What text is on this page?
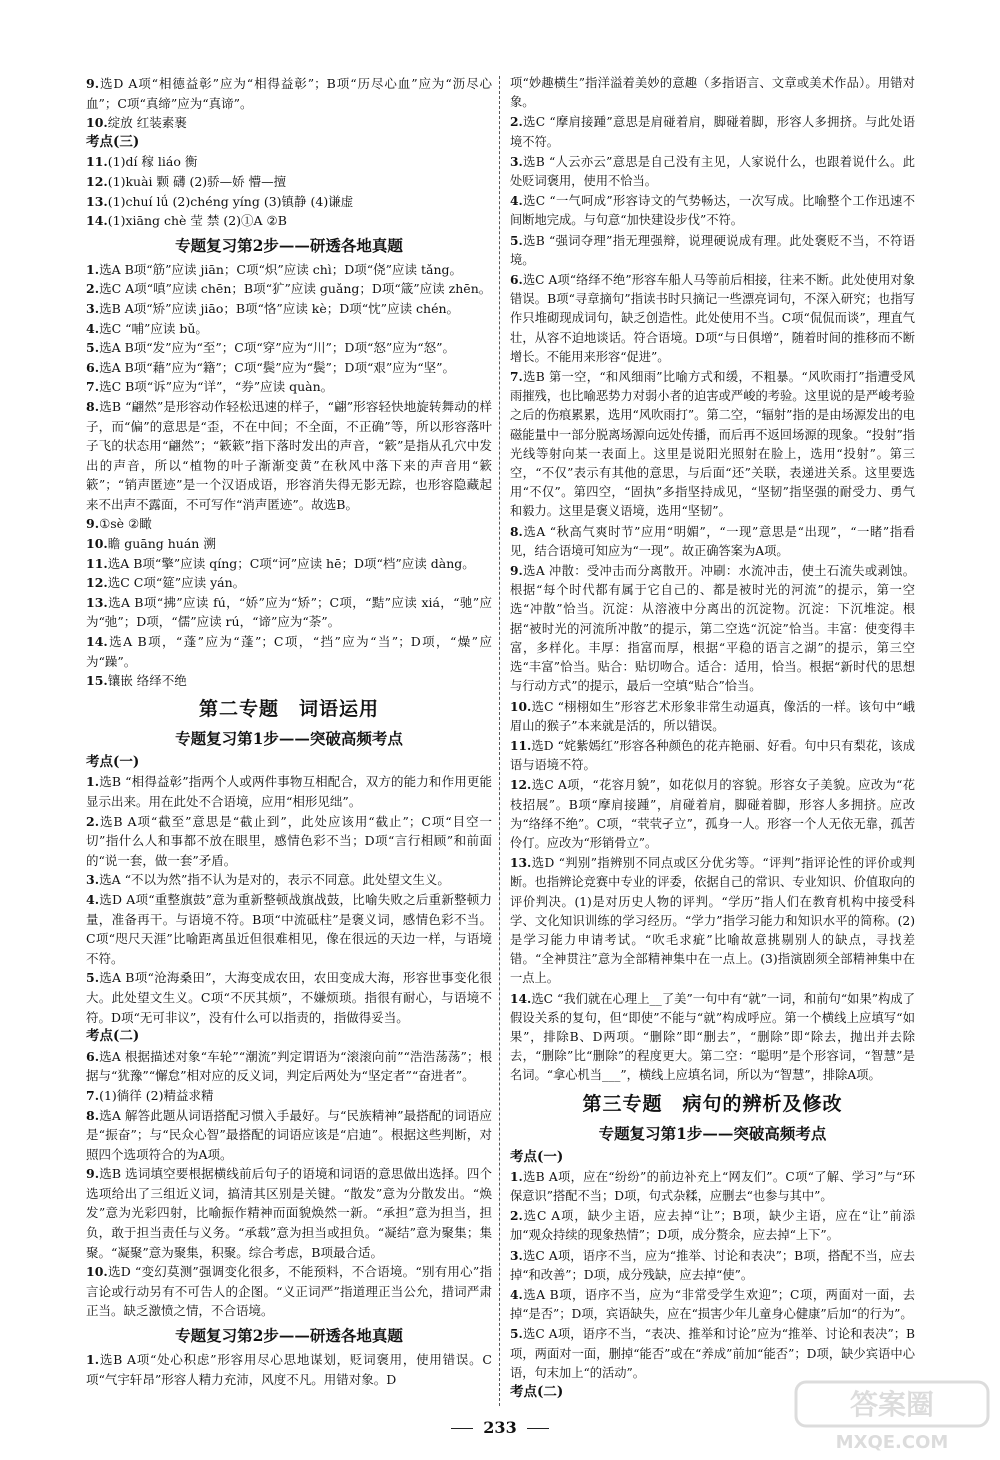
9.选D A项“相德益彰”应为“相得益彰”；B项“历尽心血”应为“沥尽心血”；C项“真缔”应为“真谛”。
10.绽放 红装素裹
考点(三)
11.(1)dí 稼 liáo 衡
12.(1)kuài 颗 礴 (2)骄—娇 懵—擅
13.(1)chuí lǘ (2)chéng yíng (3)镇静 (4)谦虚
14.(1)xiāng chè 莹 禁 (2)①A ②B
专题复习第2步——研透各地真题
1.选A B项“筋”应读 jiān；C项“炽”应读 chì；D项“侥”应读 tǎng。
2.选C A项“嗔”应读 chēn；B项“犷”应读 guǎng；D项“箴”应读 zhēn。
3.选B A项“矫”应读 jiāo；B项“恪”应读 kè；D项“忱”应读 chén。
4.选C “哺”应读 bǔ。
5.选A B项“发”应为“至”；C项“穿”应为“川”；D项“怒”应为“怒”。
6.选A B项“藉”应为“籍”；C项“鬓”应为“鬓”；D项“艰”应为“坚”。
7.选C B项“诉”应为“详”，“券”应读 quàn。
8.选B “翩然”是形容动作轻松迅速的样子，“翩”形容轻快地旋转舞动的样子，而“偏”的意思是“歪，不在中间；不全面，不正确”等，所以形容落叶子飞的状态用“翩然”；“簌簌”指下落时发出的声音，“簌”是指从孔穴中发出的声音，所以“植物的叶子渐渐变黄”在秋风中落下来的声音用“簌簌”；“销声匿迹”是一个汉语成语，形容消失得无影无踪，也形容隐藏起来不出声不露面，不可写作“消声匿迹”。故选B。
9.①sè ②瞰
10.瞻 guāng huán 溯
11.选A B项“擎”应读 qíng；C项“诃”应读 hē；D项“档”应读 dàng。
12.选C C项“筵”应读 yán。
13.选A B项“拂”应读 fú，“娇”应为“矫”；C项，“黠”应读 xiá，“驰”应为“弛”；D项，“儒”应读 rú，“谛”应为“荼”。
14.选A B项，“蓬”应为“蓬”；C项，“挡”应为“当”；D项，“燥”应为“躁”。
15.镶嵌 络绎不绝
第二专题　词语运用
专题复习第1步——突破高频考点
考点(一)
1.选B “相得益彰”指两个人或两件事物互相配合，双方的能力和作用更能显示出来。用在此处不合语境，应用“相形见绌”。
2.选B A项“截至”意思是“截止到”，此处应该用“截止”；C项“目空一切”指什么人和事都不放在眼里，感情色彩不当；D项“言行相顾”和前面的“说一套，做一套”矛盾。
3.选A “不以为然”指不认为是对的，表示不同意。此处望文生义。
4.选D A项“重整旗鼓”意为重新整顿战旗战鼓，比喻失败之后重新整顿力量，准备再干。与语境不符。B项“中流砥柱”是褒义词，感情色彩不当。C项“咫尺天涯”比喻距离虽近但很难相见，像在很远的天边一样，与语境不符。
5.选A B项“沧海桑田”，大海变成农田，农田变成大海，形容世事变化很大。此处望文生义。C项“不厌其烦”，不嫌烦琐。指很有耐心，与语境不符。D项“无可非议”，没有什么可以指责的，指做得妥当。
考点(二)
6.选A 根据描述对象“车轮”“潮流”判定谓语为“滚滚向前”“浩浩荡荡”；根据与“犹豫”“懈怠”相对应的反义词，判定后两处为“坚定者”“奋进者”。
7.(1)徜徉 (2)精益求精
8.选A 解答此题从词语搭配习惯入手最好。与“民族精神”最搭配的词语应是“振奋”；与“民众心智”最搭配的词语应该是“启迪”。根据这些判断，对照四个选项符合的为A项。
9.选B 选词填空要根据横线前后句子的语境和词语的意思做出选择。四个选项给出了三组近义词，搞清其区别是关键。“散发”意为分散发出。“焕发”意为光彩四射，比喻振作精神而面貌焕然一新。“承担”意为担当，担负，敢于担当责任与义务。“承载”意为担当或担负。“凝结”意为聚集；集聚。“凝聚”意为聚集，积聚。综合考虑，B项最合适。
10.选D “变幻莫测”强调变化很多，不能预料，不合语境。“别有用心”指言论或行动另有不可告人的企图。“义正词严”指道理正当公允，措词严肃正当。缺乏激愤之情，不合语境。
专题复习第2步——研透各地真题
1.选B A项“处心积虑”形容用尽心思地谋划，贬词褒用，使用错误。C项“气宇轩昂”形容人精力充沛，风度不凡。用错对象。D
项“妙趣横生”指洋溢着美妙的意趣（多指语言、文章或美术作品）。用错对象。
2.选C “摩肩接踵”意思是肩碰着肩，脚碰着脚，形容人多拥挤。与此处语境不符。
3.选B “人云亦云”意思是自己没有主见，人家说什么，也跟着说什么。此处贬词褒用，使用不恰当。
4.选C “一气呵成”形容诗文的气势畅达，一次写成。比喻整个工作迅速不间断地完成。与句意“加快建设步伐”不符。
5.选B “强词夺理”指无理强辩，说理硬说成有理。此处褒贬不当，不符语境。
6.选C A项“络绎不绝”形容车船人马等前后相接，往来不断。此处使用对象错误。B项“寻章摘句”指读书时只摘记一些漂亮词句，不深入研究；也指写作只堆砌现成词句，缺乏创造性。此处使用不当。C项“侃侃而谈”，理直气壮，从容不迫地谈话。符合语境。D项“与日俱增”，随着时间的推移而不断增长。不能用来形容“促进”。
7.选B 第一空，“和风细雨”比喻方式和缓，不粗暴。“风吹雨打”指遭受风雨摧残，也比喻恶势力对弱小者的迫害或严峻的考验。这里说的是严峻考验之后的伤痕累累，选用“风吹雨打”。第二空，“辐射”指的是由场源发出的电磁能量中一部分脱离场源向远处传播，而后再不返回场源的现象。“投射”指光线等射向某一表面上。这里是说阳光照射在脸上，选用“投射”。第三空，“不仅”表示有其他的意思，与后面“还”关联，表递进关系。这里要选用“不仅”。第四空，“固执”多指坚持成见，“坚韧”指坚强的耐受力、勇气和毅力。这里是褒义语境，选用“坚韧”。
8.选A “秋高气爽时节”应用“明媚”，“一现”意思是“出现”，“一睹”指看见，结合语境可知应为“一现”。故正确答案为A项。
9.选A 冲散：受冲击而分离散开。冲刷：水流冲击，使土石流失或剥蚀。根据“每个时代都有属于它自己的、都是被时光的河流”的提示，第一空选“冲散”恰当。沉淀：从溶液中分离出的沉淀物。沉淀：下沉堆淀。根据“被时光的河流所冲散”的提示，第二空选“沉淀”恰当。丰富：使变得丰富，多样化。丰厚：指富而厚，根据“平稳的语言之湖”的提示，第三空选“丰富”恰当。贴合：贴切吻合。适合：适用，恰当。根据“新时代的思想与行动方式”的提示，最后一空填“贴合”恰当。
10.选C “栩栩如生”形容艺术形象非常生动逼真，像活的一样。该句中“峨眉山的猴子”本来就是活的，所以错误。
11.选D “姹紫嫣红”形容各种颜色的花卉艳丽、好看。句中只有梨花，该成语与语境不符。
12.选C A项，“花容月貌”，如花似月的容貌。形容女子美貌。应改为“花枝招展”。B项“摩肩接踵”，肩碰着肩，脚碰着脚，形容人多拥挤。应改为“络绎不绝”。C项，“茕茕孑立”，孤身一人。形容一个人无依无靠，孤苦伶仃。应改为“形销骨立”。
13.选D “判别”指辨别不同点或区分优劣等。“评判”指评论性的评价或判断。也指辨论竞赛中专业的评委，依据自己的常识、专业知识、价值取向的评价判决。(1)是对历史人物的评判。“学历”指人们在教育机构中接受科学、文化知识训练的学习经历。“学力”指学习能力和知识水平的简称。(2)是学习能力申请考试。“吹毛求疵”比喻故意挑剔别人的缺点，寻找差错。“全神贯注”意为全部精神集中在一点上。(3)指演剧须全部精神集中在一点上。
14.选C “我们就在心理上__了美”一句中有“就”一词，和前句“如果”构成了假设关系的复句，但“即使”不能与“就”构成呼应。第一个横线上应填写“如果”，排除B、D两项。“删除”即“删去”，“删除”即“除去，抛出并去除去，“删除”比“删除”的程度更大。第二空：“聪明”是个形容词，“智慧”是名词。“拿心机当___”，横线上应填名词，所以为“智慧”，排除A项。
第三专题　病句的辨析及修改
专题复习第1步——突破高频考点
考点(一)
1.选B A项，应在“纷纷”的前边补充上“网友们”。C项“了解、学习”与“环保意识”搭配不当；D项，句式杂糅，应删去“也参与其中”。
2.选C A项，缺少主语，应去掉“让”；B项，缺少主语，应在“让”前添加“观众持续的现象热情”；D项，成分赘余，应去掉“上下”。
3.选C A项，语序不当，应为“推举、讨论和表决”；B项，搭配不当，应去掉“和改善”；D项，成分残缺，应去掉“使”。
4.选A B项，语序不当，应为“非常受学生欢迎”；C项，两面对一面，去掉“是否”；D项，宾语缺失，应在“损害少年儿童身心健康”后加“的行为”。
5.选C A项，语序不当，“表决、推举和讨论”应为“推举、讨论和表决”；B项，两面对一面，删掉“能否”或在“养成”前加“能否”；D项，缺少宾语中心语，句末加上“的活动”。
考点(二)
233
答案圈
MXQE.COM
